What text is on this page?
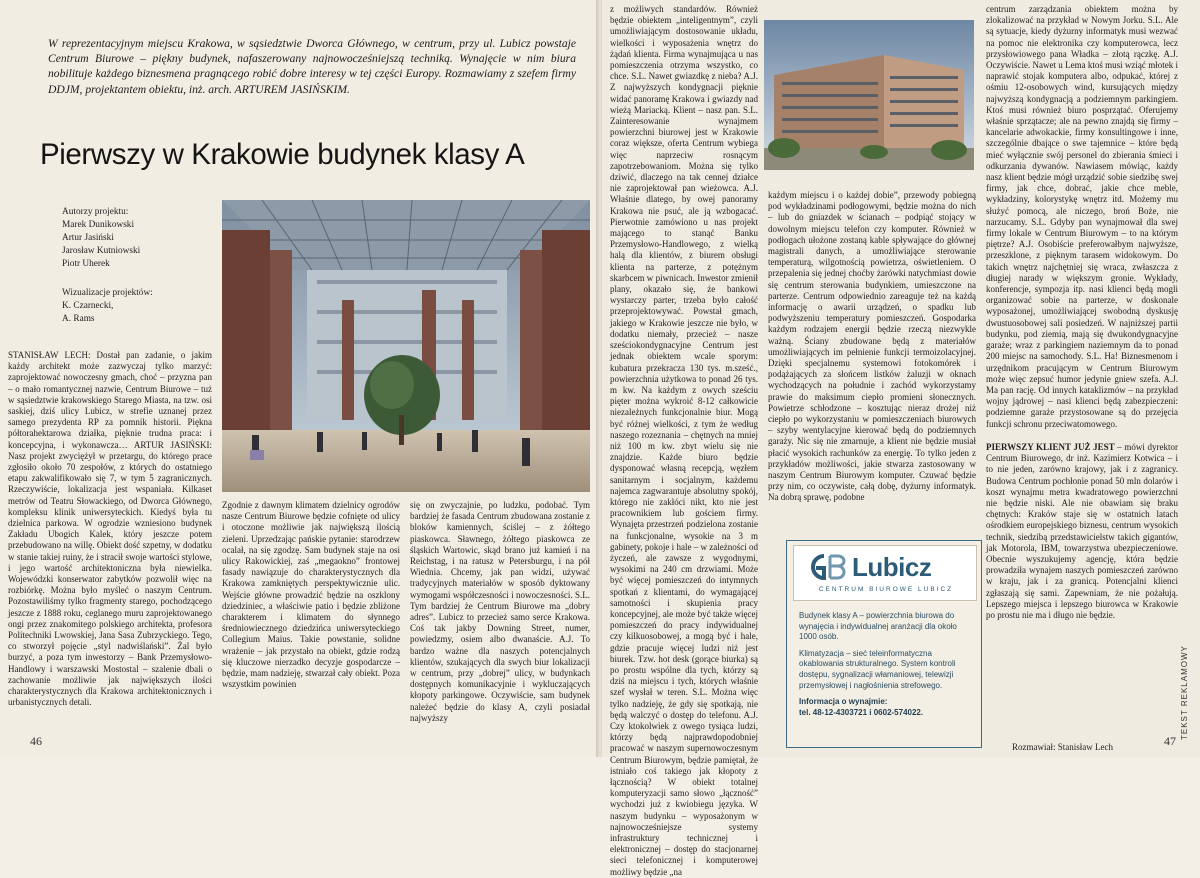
W reprezentacyjnym miejscu Krakowa, w sąsiedztwie Dworca Głównego, w centrum, przy ul. Lubicz powstaje Centrum Biurowe – piękny budynek, nafaszerowany najnowocześniejszą techniką. Wynajęcie w nim biura nobilituje każdego biznesmena pragnącego robić dobre interesy w tej części Europy. Rozmawiamy z szefem firmy DDJM, projektantem obiektu, inż. arch. ARTUREM JASIŃSKIM.
Pierwszy w Krakowie budynek klasy A
Autorzy projektu:
Marek Dunikowski
Artur Jasiński
Jarosław Kutniowski
Piotr Uherek
Wizualizacje projektów:
K. Czarnecki,
A. Rams
STANISŁAW LECH: Dostał pan zadanie, o jakim każdy architekt może zazwyczaj tylko marzyć: zaprojektować nowoczesny gmach, choć – przyzna pan – o mało romantycznej nazwie, Centrum Biurowe – tuż w sąsiedztwie krakowskiego Starego Miasta, na tzw. osi saskiej, dziś ulicy Lubicz, w strefie uznanej przez samego prezydenta RP za pomnik historii. Piękna półtorahektarowa działka, pięknie trudna praca: i koncepcyjna, i wykonawcza… ARTUR JASIŃSKI: Nasz projekt zwyciężył w przetargu, do którego prace zgłosiło około 70 zespołów, z których do ostatniego etapu zakwalifikowało się 7, w tym 5 zagranicznych. Rzeczywiście, lokalizacja jest wspaniała. Kilkaset metrów od Teatru Słowackiego, od Dworca Głównego, kompleksu klinik uniwersyteckich. Kiedyś była tu dzielnica parkowa. W ogrodzie wzniesiono budynek Zakładu Ubogich Kalek, który jeszcze potem przebudowano na willę. Obiekt dość szpetny, w dodatku w stanie takiej ruiny, że i stracił swoje wartości stylowe, i jego wartość architektoniczna była niewielka. Wojewódzki konserwator zabytków pozwolił więc na rozbiórkę. Można było myśleć o naszym Centrum. Pozostawiliśmy tylko fragmenty starego, pochodzącego jeszcze z 1888 roku, ceglanego muru zaprojektowanego ongi przez znakomitego polskiego architekta, profesora Politechniki Lwowskiej, Jana Sasa Zubrzyckiego. Tego, co stworzył pojęcie „styl nadwiślański”. Żal było burzyć, a poza tym inwestorzy – Bank Przemysłowo-Handlowy i warszawski Mostostal – szalenie dbali o zachowanie możliwie jak największych ilości charakterystycznych dla Krakowa architektonicznych i urbanistycznych detali.
Zgodnie z dawnym klimatem dzielnicy ogrodów nasze Centrum Biurowe będzie cofnięte od ulicy i otoczone możliwie jak największą ilością zieleni. Uprzedzając pańskie pytanie: starodrzew ocalał, na się zgodzę. Sam budynek staje na osi ulicy Rakowickiej, zaś „megaokno” frontowej fasady nawiązuje do charakterystycznych dla Krakowa zamkniętych perspektywicznie ulic. Wejście główne prowadzić będzie na oszklony dziedziniec, a właściwie patio i będzie zbliżone charakterem i klimatem do słynnego średniowiecznego dziedzińca uniwersyteckiego Collegium Maius. Takie powstanie, solidne wrażenie – jak przystało na obiekt, gdzie rodzą się kluczowe nierzadko decyzje gospodarcze – będzie, mam nadzieję, stwarzał cały obiekt. Poza wszystkim powinien
się on zwyczajnie, po ludzku, podobać. Tym bardziej że fasada Centrum zbudowana zostanie z bloków kamiennych, ściślej – z żółtego piaskowca. Sławnego, żółtego piaskowca ze śląskich Wartowic, skąd brano już kamień i na Reichstag, i na ratusz w Petersburgu, i na pół Wiednia. Chcemy, jak pan widzi, używać tradycyjnych materiałów w sposób dyktowany wymogami współczesności i nowoczesności. S.L. Tym bardziej że Centrum Biurowe ma „dobry adres”. Lubicz to przecież samo serce Krakowa. Coś tak jakby Downing Street, numer, powiedzmy, osiem albo dwanaście. A.J. To bardzo ważne dla naszych potencjalnych klientów, szukających dla swych biur lokalizacji w centrum, przy „dobrej” ulicy, w budynkach dostępnych komunikacyjnie i wykluczających kłopoty parkingowe. Oczywiście, sam budynek należeć będzie do klasy A, czyli posiadał najwyższy
46
z możliwych standardów. Również będzie obiektem „inteligentnym”, czyli umożliwiającym dostosowanie układu, wielkości i wyposażenia wnętrz do żądań klienta. Firma wynajmująca u nas pomieszczenia otrzyma wszystko, co chce. S.L. Nawet gwiazdkę z nieba? A.J. Z najwyższych kondygnacji pięknie widać panoramę Krakowa i gwiazdy nad wieżą Mariacką. Klient – nasz pan. S.L. Zainteresowanie wynajmem powierzchni biurowej jest w Krakowie coraz większe, oferta Centrum wybiega więc naprzeciw rosnącym zapotrzebowaniom. Można się tylko dziwić, dlaczego na tak cennej działce nie zaprojektował pan wieżowca. A.J. Właśnie dlatego, by owej panoramy Krakowa nie psuć, ale ją wzbogacać. Pierwotnie zamówiono u nas projekt mającego to stanąć Banku Przemysłowo-Handlowego, z wielką halą dla klientów, z biurem obsługi klienta na parterze, z potężnym skarbcem w piwnicach. Inwestor zmienił plany, okazało się, że bankowi wystarczy parter, trzeba było całość przeprojektowywać. Powstał gmach, jakiego w Krakowie jeszcze nie było, w dodatku niemały, przecież – nasze sześciokondygnacyjne Centrum jest jednak obiektem wcale sporym: kubatura przekracza 130 tys. m.sześć., powierzchnia użytkowa to ponad 26 tys. m kw. Na każdym z owych sześciu pięter można wykroić 8-12 całkowicie niezależnych funkcjonalnie biur. Mogą być różnej wielkości, z tym że według naszego rozeznania – chętnych na mniej niż 100 m kw. zbyt wielu się nie znajdzie. Każde biuro będzie dysponować własną recepcją, węzłem sanitarnym i socjalnym, każdemu najemca zagwarantuje absolutny spokój, którego nie zakłóci nikt, kto nie jest pracownikiem lub gościem firmy. Wynajęta przestrzeń podzielona zostanie na funkcjonalne, wysokie na 3 m gabinety, pokoje i hale – w zależności od życzeń, ale zawsze z wygodnymi, wysokimi na 240 cm drzwiami. Może być więcej pomieszczeń do intymnych spotkań z klientami, do wymagającej samotności i skupienia pracy koncepcyjnej, ale może być także więcej pomieszczeń do pracy indywidualnej czy kilkuosobowej, a mogą być i hale, gdzie pracuje więcej ludzi niż jest biurek. Tzw. hot desk (gorące biurka) są po prostu wspólne dla tych, którzy są dziś na miejscu i tych, których właśnie szef wysłał w teren. S.L. Można więc tylko nadzieję, że gdy się spotkają, nie będą walczyć o dostęp do telefonu. A.J. Czy ktokolwiek z owego tysiąca ludzi, którzy będą najprawdopodobniej pracować w naszym supernowoczesnym Centrum Biurowym, będzie pamiętał, że istniało coś takiego jak kłopoty z łącznością? W obiekt totalnej komputeryzacji samo słowo „łączność” wychodzi już z kwiobiegu języka. W naszym budynku – wyposażonym w najnowocześniejsze systemy infrastruktury technicznej i elektronicznej – dostęp do stacjonarnej sieci telefonicznej i komputerowej możliwy będzie „na
każdym miejscu i o każdej dobie”, przewody pobiegną pod wykładzinami podłogowymi, będzie można do nich – lub do gniazdek w ścianach – podpiąć stojący w dowolnym miejscu telefon czy komputer. Również w podłogach ułożone zostaną kable spływające do głównej magistrali danych, a umożliwiające sterowanie temperaturą, wilgotnością powietrza, oświetleniem. O przepalenia się jednej choćby żarówki natychmiast dowie się centrum sterowania budynkiem, umieszczone na parterze. Centrum odpowiednio zareaguje też na każdą informację o awarii urządzeń, o spadku lub podwyższeniu temperatury pomieszczeń. Gospodarka każdym rodzajem energii będzie rzeczą niezwykle ważną. Ściany zbudowane będą z materiałów umożliwiających im pełnienie funkcji termoizolacyjnej. Dzięki specjalnemu systemowi fotokomórek i podążających za słońcem listków żaluzji w oknach wychodzących na południe i zachód wykorzystamy prawie do maksimum ciepło promieni słonecznych. Powietrze schłodzone – kosztując nieraz drożej niż ciepło po wykorzystaniu w pomieszczeniach biurowych – szyby wentylacyjne kierować będą do podziemnych garaży. Nic się nie zmarnuje, a klient nie będzie musiał płacić wysokich rachunków za energię. To tylko jeden z przykładów możliwości, jakie stwarza zastosowany w naszym Centrum Biurowym komputer. Czuwać będzie przy nim, co oczywiste, całą dobę, dyżurny informatyk. Na dobrą sprawę, podobne
Lubicz
CENTRUM BIUROWE LUBICZ

Budynek klasy A – powierzchnia biurowa do wynajęcia i indywidualnej aranżacji dla około 1000 osób.

Klimatyzacja – sieć teleinformatyczna okablowania strukturalnego. System kontroli dostępu, sygnalizacji włamaniowej, telewizji przemysłowej i nagłośnienia strefowego.

Informacja o wynajmie:
tel. 48-12-4303721 i 0602-574022.

centrum zarządzania obiektem można by zlokalizować na przykład w Nowym Jorku. S.L. Ale są sytuacje, kiedy dyżurny informatyk musi wezwać na pomoc nie elektronika czy komputerowca, lecz przysłowiowego pana Władka – złotą rączkę. A.J. Oczywiście. Nawet u Lema ktoś musi wziąć młotek i naprawić stojak komputera albo, odpukać, której z ośmiu 12-osobowych wind, kursujących między najwyższą kondygnacją a podziemnym parkingiem. Ktoś musi również biuro posprzątać. Oferujemy właśnie sprzątacze; ale na pewno znajdą się firmy – kancelarie adwokackie, firmy konsultingowe i inne, szczególnie dbające o swe tajemnice – które będą mieć wyłącznie swój personel do zbierania śmieci i odkurzania dywanów. Nawiasem mówiąc, każdy nasz klient będzie mógł urządzić sobie siedzibę swej firmy, jak chce, dobrać, jakie chce meble, wykładziny, kolorystykę wnętrz itd. Możemy mu służyć pomocą, ale niczego, broń Boże, nie narzucamy. S.L. Gdyby pan wynajmował dla swej firmy lokale w Centrum Biurowym – to na którym piętrze? A.J. Osobiście preferowałbym najwyższe, przeszklone, z pięknym tarasem widokowym. Do takich wnętrz najchętniej się wraca, zwłaszcza z długiej narady w większym gronie. Wykłady, konferencje, sympozja itp. nasi klienci będą mogli organizować sobie na parterze, w doskonale wyposażonej, umożliwiającej swobodną dyskusję dwustuosobowej sali posiedzeń. W najniższej partii budynku, pod ziemią, mają się dwukondygnacyjne garaże; wraz z parkingiem naziemnym da to ponad 200 miejsc na samochody. S.L. Ha! Biznesmenom i urzędnikom pracującym w Centrum Biurowym może więc zepsuć humor jedynie gniew szefa. A.J. Ma pan rację. Od innych kataklizmów – na przykład wojny jądrowej – nasi klienci będą zabezpieczeni: podziemne garaże przystosowane są do przejęcia funkcji schronu przeciwatomowego.
PIERWSZY KLIENT JUŻ JEST – mówi dyrektor Centrum Biurowego, dr inż. Kazimierz Kotwica – i to nie jeden, zarówno krajowy, jak i z zagranicy. Budowa Centrum pochłonie ponad 50 mln dolarów i koszt wynajmu metra kwadratowego powierzchni nie będzie niski. Ale nie obawiam się braku chętnych: Kraków staje się w ostatnich latach ośrodkiem europejskiego biznesu, centrum wysokich technik, siedzibą przedstawicielstw takich gigantów, jak Motorola, IBM, towarzystwa ubezpieczeniowe. Obecnie wyszukujemy agencję, która będzie prowadziła wynajem naszych pomieszczeń zarówno w kraju, jak i za granicą. Potencjalni klienci zgłaszają się sami. Zapewniam, że nie pożałują. Lepszego miejsca i lepszego biurowca w Krakowie po prostu nie ma i długo nie będzie.
47
Rozmawiał: Stanisław Lech
TEKST REKLAMOWY
